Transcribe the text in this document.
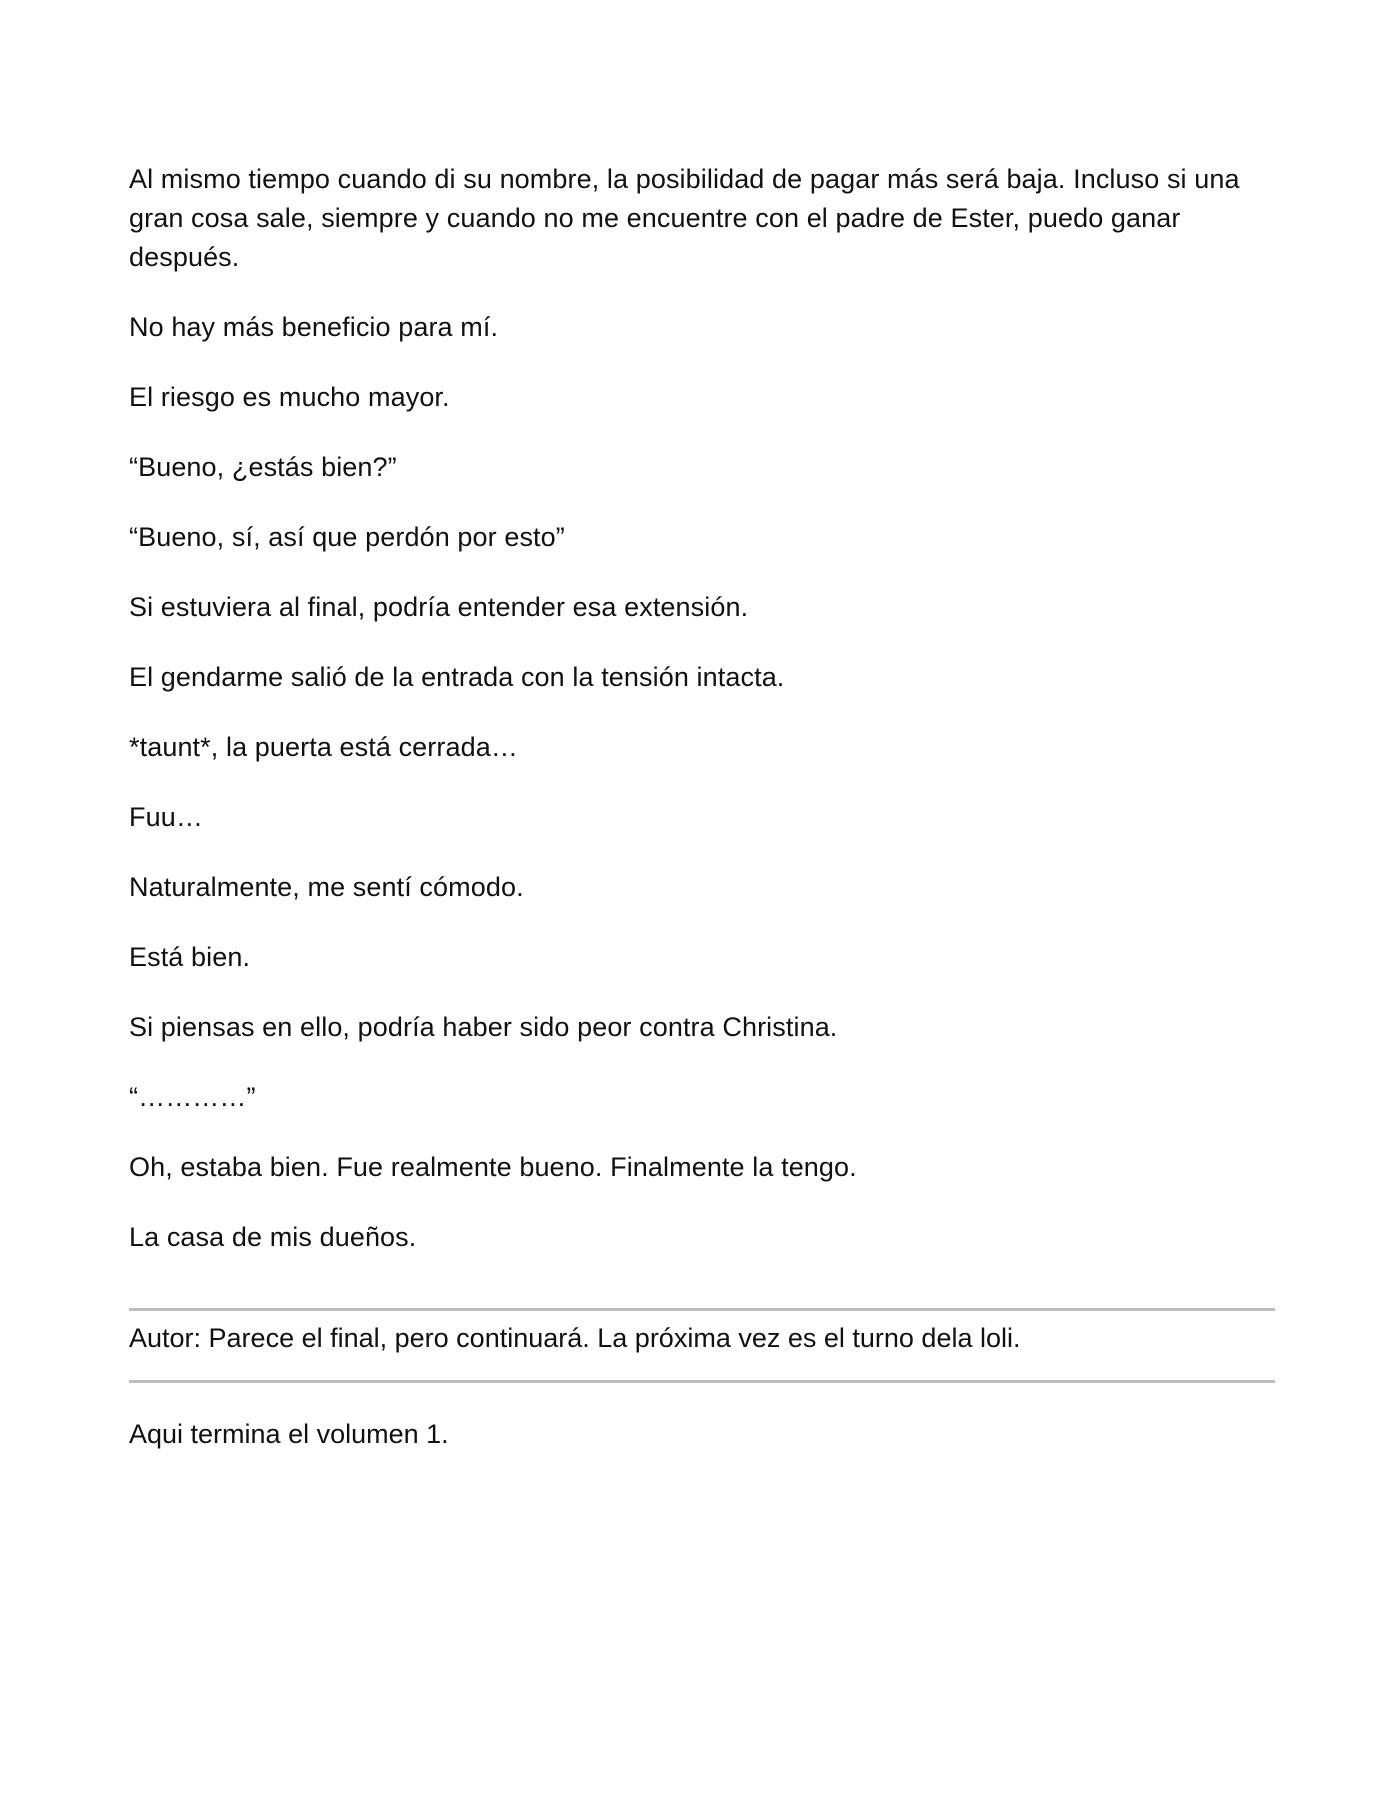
Al mismo tiempo cuando di su nombre, la posibilidad de pagar más será baja. Incluso si una gran cosa sale, siempre y cuando no me encuentre con el padre de Ester, puedo ganar después.

No hay más beneficio para mí.

El riesgo es mucho mayor.

“Bueno, ¿estás bien?”

“Bueno, sí, así que perdón por esto”

Si estuviera al final, podría entender esa extensión.

El gendarme salió de la entrada con la tensión intacta.

*taunt*, la puerta está cerrada…

Fuu…

Naturalmente, me sentí cómodo.

Está bien.

Si piensas en ello, podría haber sido peor contra Christina.

“…………”

Oh, estaba bien. Fue realmente bueno. Finalmente la tengo.

La casa de mis dueños.

Autor: Parece el final, pero continuará. La próxima vez es el turno dela loli.

Aqui termina el volumen 1.
